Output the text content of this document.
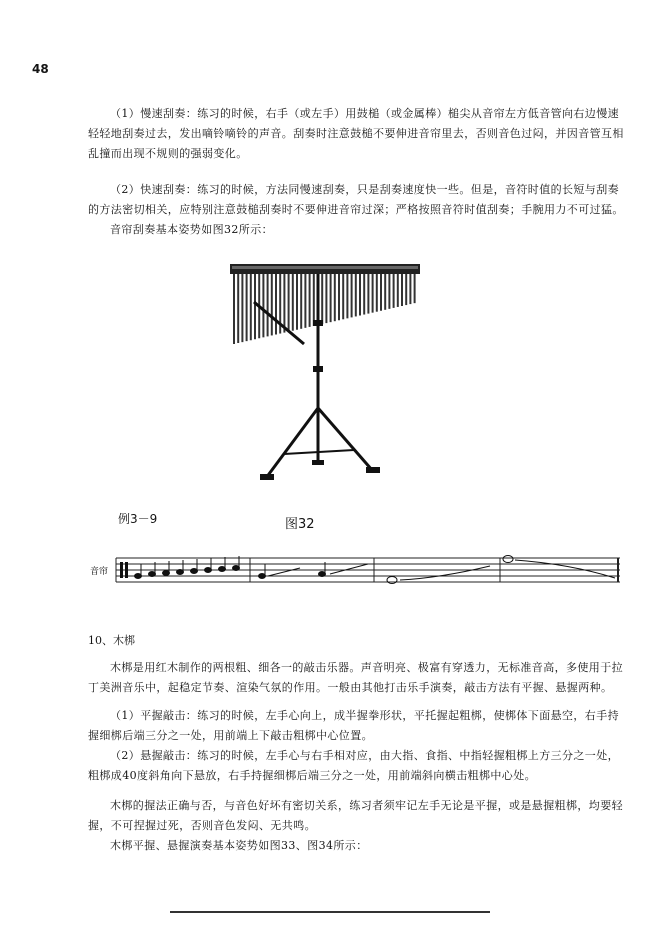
48

（1）慢速刮奏：练习的时候，右手（或左手）用鼓槌（或金属棒）槌尖从音帘左方低音管向右边慢速轻轻地刮奏过去，发出嘀铃嘀铃的声音。刮奏时注意鼓槌不要伸进音帘里去，否则音色过闷，并因音管互相乱撞而出现不规则的强弱变化。

（2）快速刮奏：练习的时候，方法同慢速刮奏，只是刮奏速度快一些。但是，音符时值的长短与刮奏的方法密切相关，应特别注意鼓槌刮奏时不要伸进音帘过深；严格按照音符时值刮奏；手腕用力不可过猛。

音帘刮奏基本姿势如图32所示：

例3－9	图32
音帘
10、木梆

木梆是用红木制作的两根粗、细各一的敲击乐器。声音明亮、极富有穿透力，无标准音高，多使用于拉丁美洲音乐中，起稳定节奏、渲染气氛的作用。一般由其他打击乐手演奏，敲击方法有平握、悬握两种。

（1）平握敲击：练习的时候，左手心向上，成半握拳形状，平托握起粗梆，使梆体下面悬空，右手持握细梆后端三分之一处，用前端上下敲击粗梆中心位置。

（2）悬握敲击：练习的时候，左手心与右手相对应，由大指、食指、中指轻握粗梆上方三分之一处，粗梆成40度斜角向下悬放，右手持握细梆后端三分之一处，用前端斜向横击粗梆中心处。

木梆的握法正确与否，与音色好坏有密切关系，练习者须牢记左手无论是平握，或是悬握粗梆，均要轻握，不可捏握过死，否则音色发闷、无共鸣。

木梆平握、悬握演奏基本姿势如图33、图34所示：
